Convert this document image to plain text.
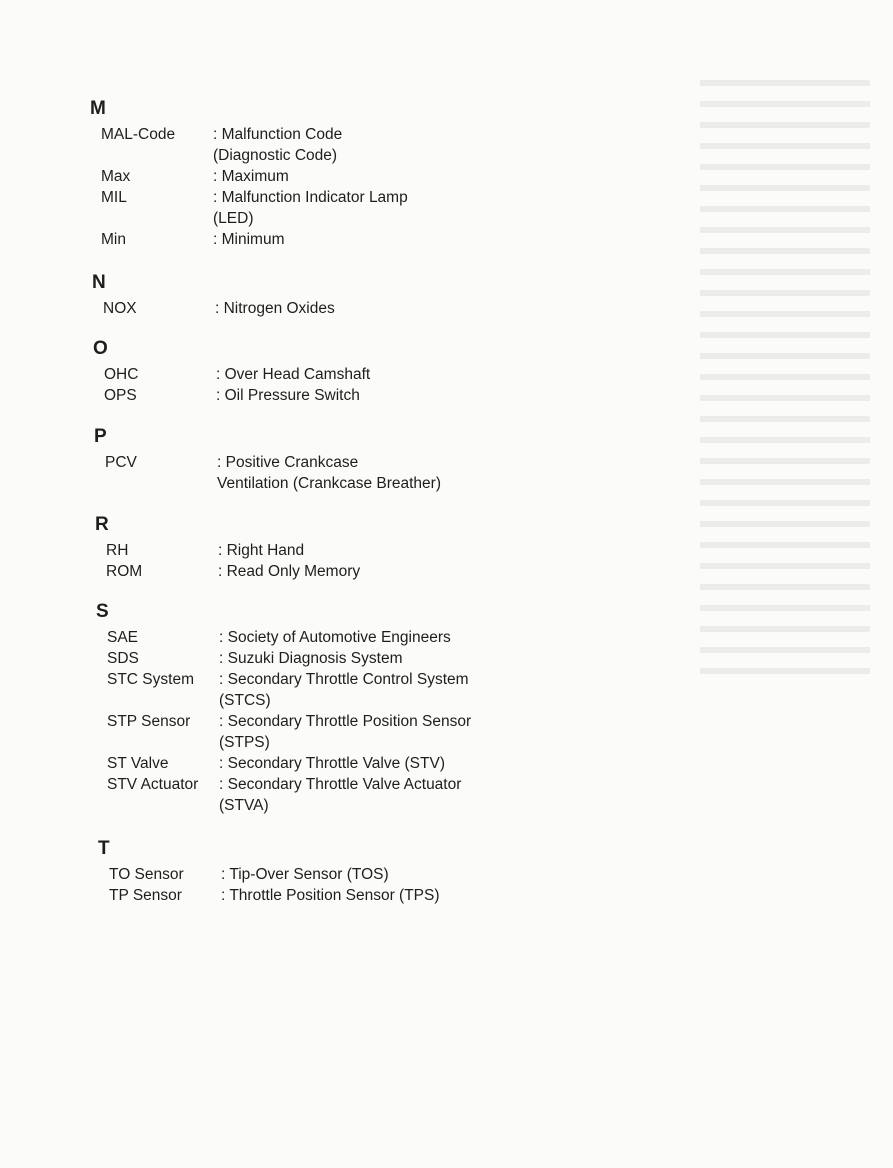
M
MAL-Code	: Malfunction Code
(Diagnostic Code)
Max	: Maximum
MIL	: Malfunction Indicator Lamp
(LED)
Min	: Minimum
N
NOX	: Nitrogen Oxides
O
OHC	: Over Head Camshaft
OPS	: Oil Pressure Switch
P
PCV	: Positive Crankcase
Ventilation (Crankcase Breather)
R
RH	: Right Hand
ROM	: Read Only Memory
S
SAE	: Society of Automotive Engineers
SDS	: Suzuki Diagnosis System
STC System	: Secondary Throttle Control System
(STCS)
STP Sensor	: Secondary Throttle Position Sensor
(STPS)
ST Valve	: Secondary Throttle Valve (STV)
STV Actuator	: Secondary Throttle Valve Actuator
(STVA)
T
TO Sensor	: Tip-Over Sensor (TOS)
TP Sensor	: Throttle Position Sensor (TPS)
